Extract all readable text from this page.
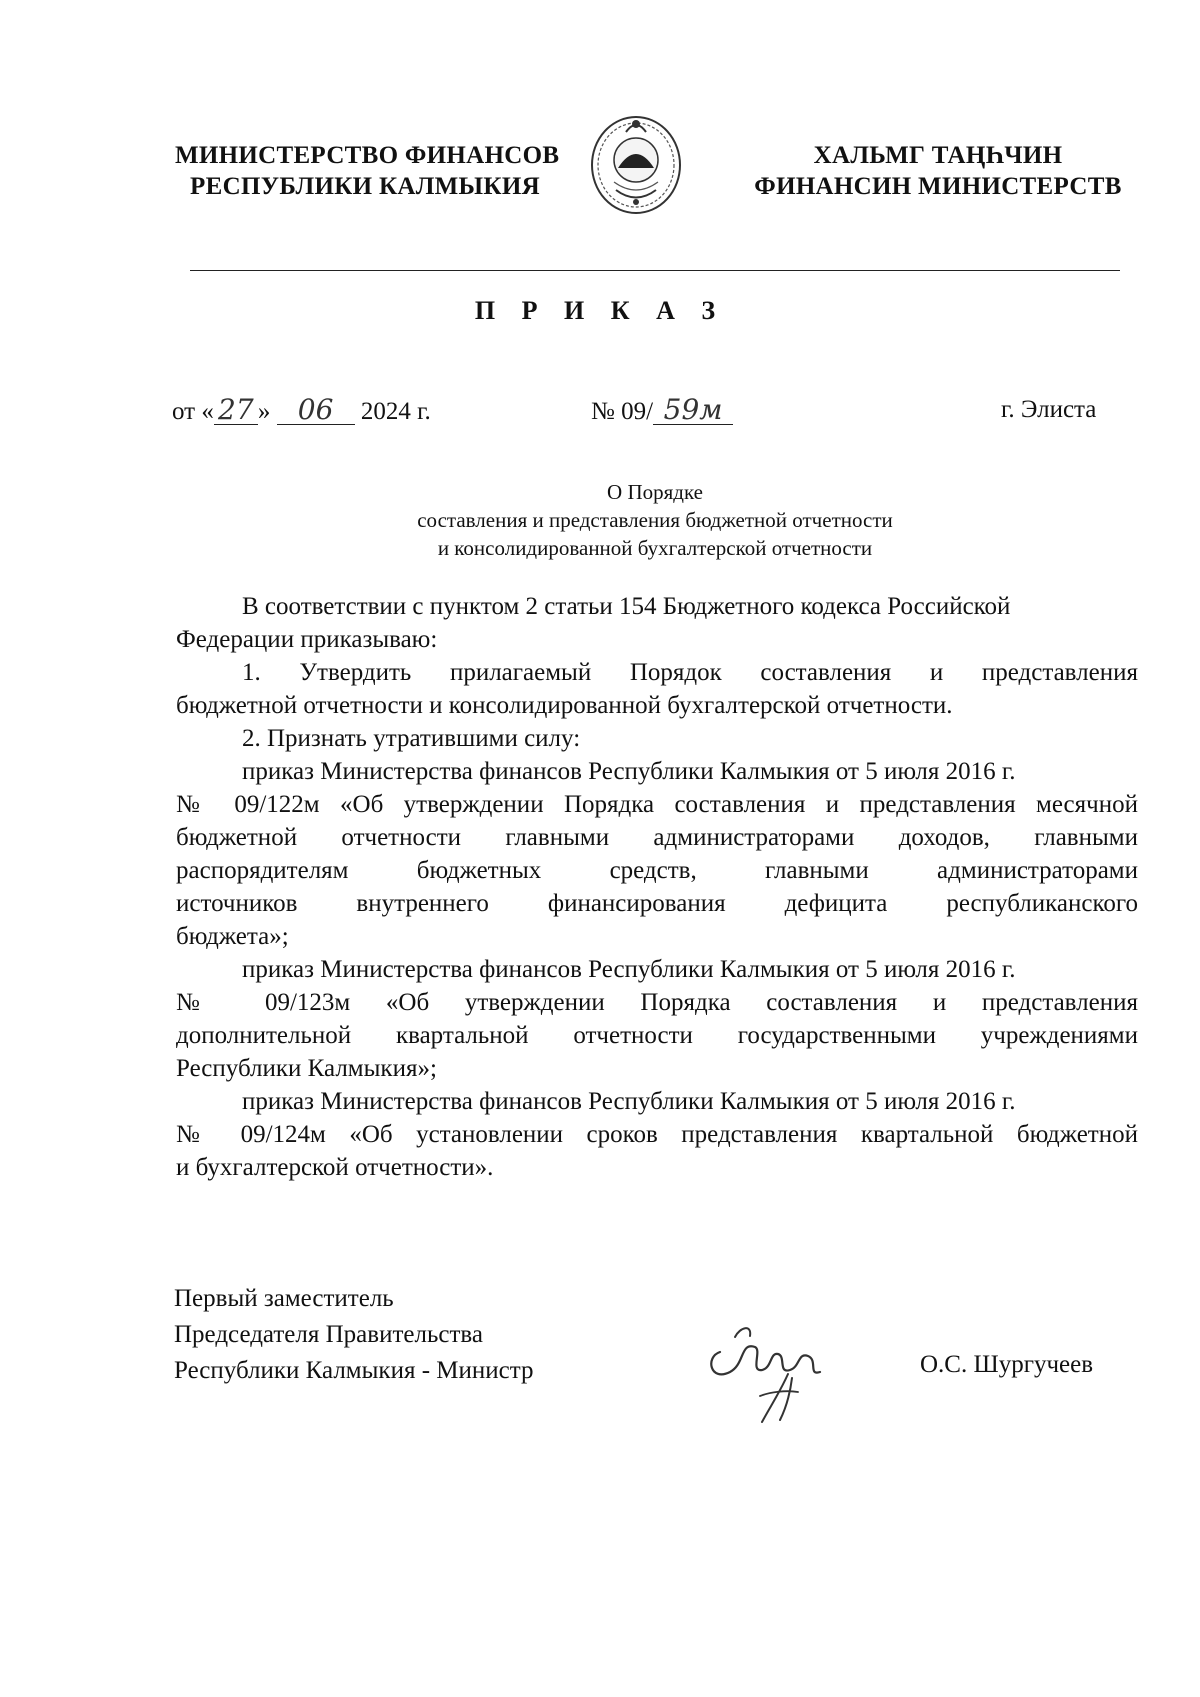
МИНИСТЕРСТВО ФИНАНСОВ
РЕСПУБЛИКИ КАЛМЫКИЯ
ХАЛЬМГ ТАҢҺЧИН
ФИНАНСИН МИНИСТЕРСТВ
П Р И К А З
от « 27 » 06 2024 г.	№ 09/ 59м	г. Элиста
О Порядке
составления и представления бюджетной отчетности
и консолидированной бухгалтерской отчетности
В соответствии с пунктом 2 статьи 154 Бюджетного кодекса Российской
Федерации приказываю:
1. Утвердить прилагаемый Порядок составления и представления
бюджетной отчетности и консолидированной бухгалтерской отчетности.
2. Признать утратившими силу:
приказ Министерства финансов Республики Калмыкия от 5 июля 2016 г.
№ 09/122м «Об утверждении Порядка составления и представления месячной
бюджетной отчетности главными администраторами доходов, главными
распорядителям бюджетных средств, главными администраторами
источников внутреннего финансирования дефицита республиканского
бюджета»;
приказ Министерства финансов Республики Калмыкия от 5 июля 2016 г.
№ 09/123м «Об утверждении Порядка составления и представления
дополнительной квартальной отчетности государственными учреждениями
Республики Калмыкия»;
приказ Министерства финансов Республики Калмыкия от 5 июля 2016 г.
№ 09/124м «Об установлении сроков представления квартальной бюджетной
и бухгалтерской отчетности».
Первый заместитель
Председателя Правительства
Республики Калмыкия - Министр	О.С. Шургучеев
